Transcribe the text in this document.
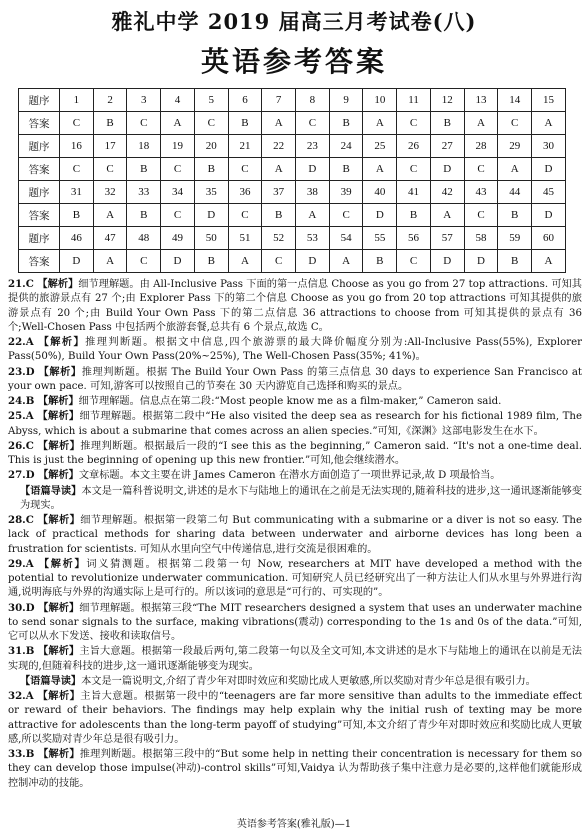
雅礼中学 2019 届高三月考试卷(八)
英语参考答案
题序	1	2	3	4	5	6	7	8	9	10	11	12	13	14	15
答案	C	B	C	A	C	B	A	C	B	A	C	B	A	C	A
题序	16	17	18	19	20	21	22	23	24	25	26	27	28	29	30
答案	C	C	B	C	B	C	A	D	B	A	C	D	C	A	D
题序	31	32	33	34	35	36	37	38	39	40	41	42	43	44	45
答案	B	A	B	C	D	C	B	A	C	D	B	A	C	B	D
题序	46	47	48	49	50	51	52	53	54	55	56	57	58	59	60
答案	D	A	C	D	B	A	C	D	A	B	C	D	D	B	A

21.C 【解析】细节理解题。由 All-Inclusive Pass 下面的第一点信息 Choose as you go from 27 top attractions. 可知其提供的旅游景点有 27 个;由 Explorer Pass 下的第二个信息 Choose as you go from 20 top attractions 可知其提供的旅游景点有 20 个;由 Build Your Own Pass 下的第二点信息 36 attractions to choose from 可知其提供的景点有 36 个;Well-Chosen Pass 中包括两个旅游套餐,总共有 6 个景点,故选 C。

22.A 【解析】推理判断题。根据文中信息,四个旅游票的最大降价幅度分别为:All-Inclusive Pass(55%), Explorer Pass(50%), Build Your Own Pass(20%~25%), The Well-Chosen Pass(35%; 41%)。

23.D 【解析】推理判断题。根据 The Build Your Own Pass 的第三点信息 30 days to experience San Francisco at your own pace. 可知,游客可以按照自己的节奏在 30 天内游览自己选择和购买的景点。

24.B 【解析】细节理解题。信息点在第二段:“Most people know me as a film-maker,” Cameron said.

25.A 【解析】细节理解题。根据第二段中“He also visited the deep sea as research for his fictional 1989 film, The Abyss, which is about a submarine that comes across an alien species.”可知,《深渊》这部电影发生在水下。

26.C 【解析】推理判断题。根据最后一段的“I see this as the beginning,” Cameron said. “It's not a one-time deal. This is just the beginning of opening up this new frontier.”可知,他会继续潜水。

27.D 【解析】文章标题。本文主要在讲 James Cameron 在潜水方面创造了一项世界记录,故 D 项最恰当。

【语篇导读】本文是一篇科普说明文,讲述的是水下与陆地上的通讯在之前是无法实现的,随着科技的进步,这一通讯逐渐能够变为现实。

28.C 【解析】细节理解题。根据第一段第二句 But communicating with a submarine or a diver is not so easy. The lack of practical methods for sharing data between underwater and airborne devices has long been a frustration for scientists. 可知从水里向空气中传递信息,进行交流是很困难的。

29.A 【解析】词义猜测题。根据第二段第一句 Now, researchers at MIT have developed a method with the potential to revolutionize underwater communication. 可知研究人员已经研究出了一种方法让人们从水里与外界进行沟通,说明海底与外界的沟通实际上是可行的。所以该词的意思是“可行的、可实现的”。

30.D 【解析】细节理解题。根据第三段“The MIT researchers designed a system that uses an underwater machine to send sonar signals to the surface, making vibrations(震动) corresponding to the 1s and 0s of the data.”可知,它可以从水下发送、接收和读取信号。

31.B 【解析】主旨大意题。根据第一段最后两句,第二段第一句以及全文可知,本文讲述的是水下与陆地上的通讯在以前是无法实现的,但随着科技的进步,这一通讯逐渐能够变为现实。

【语篇导读】本文是一篇说明文,介绍了青少年对即时效应和奖励比成人更敏感,所以奖励对青少年总是很有吸引力。

32.A 【解析】主旨大意题。根据第一段中的“teenagers are far more sensitive than adults to the immediate effect or reward of their behaviors. The findings may help explain why the initial rush of texting may be more attractive for adolescents than the long-term payoff of studying”可知,本文介绍了青少年对即时效应和奖励比成人更敏感,所以奖励对青少年总是很有吸引力。

33.B 【解析】推理判断题。根据第三段中的“But some help in netting their concentration is necessary for them so they can develop those impulse(冲动)-control skills”可知,Vaidya 认为帮助孩子集中注意力是必要的,这样他们就能形成控制冲动的技能。

英语参考答案(雅礼版)—1
